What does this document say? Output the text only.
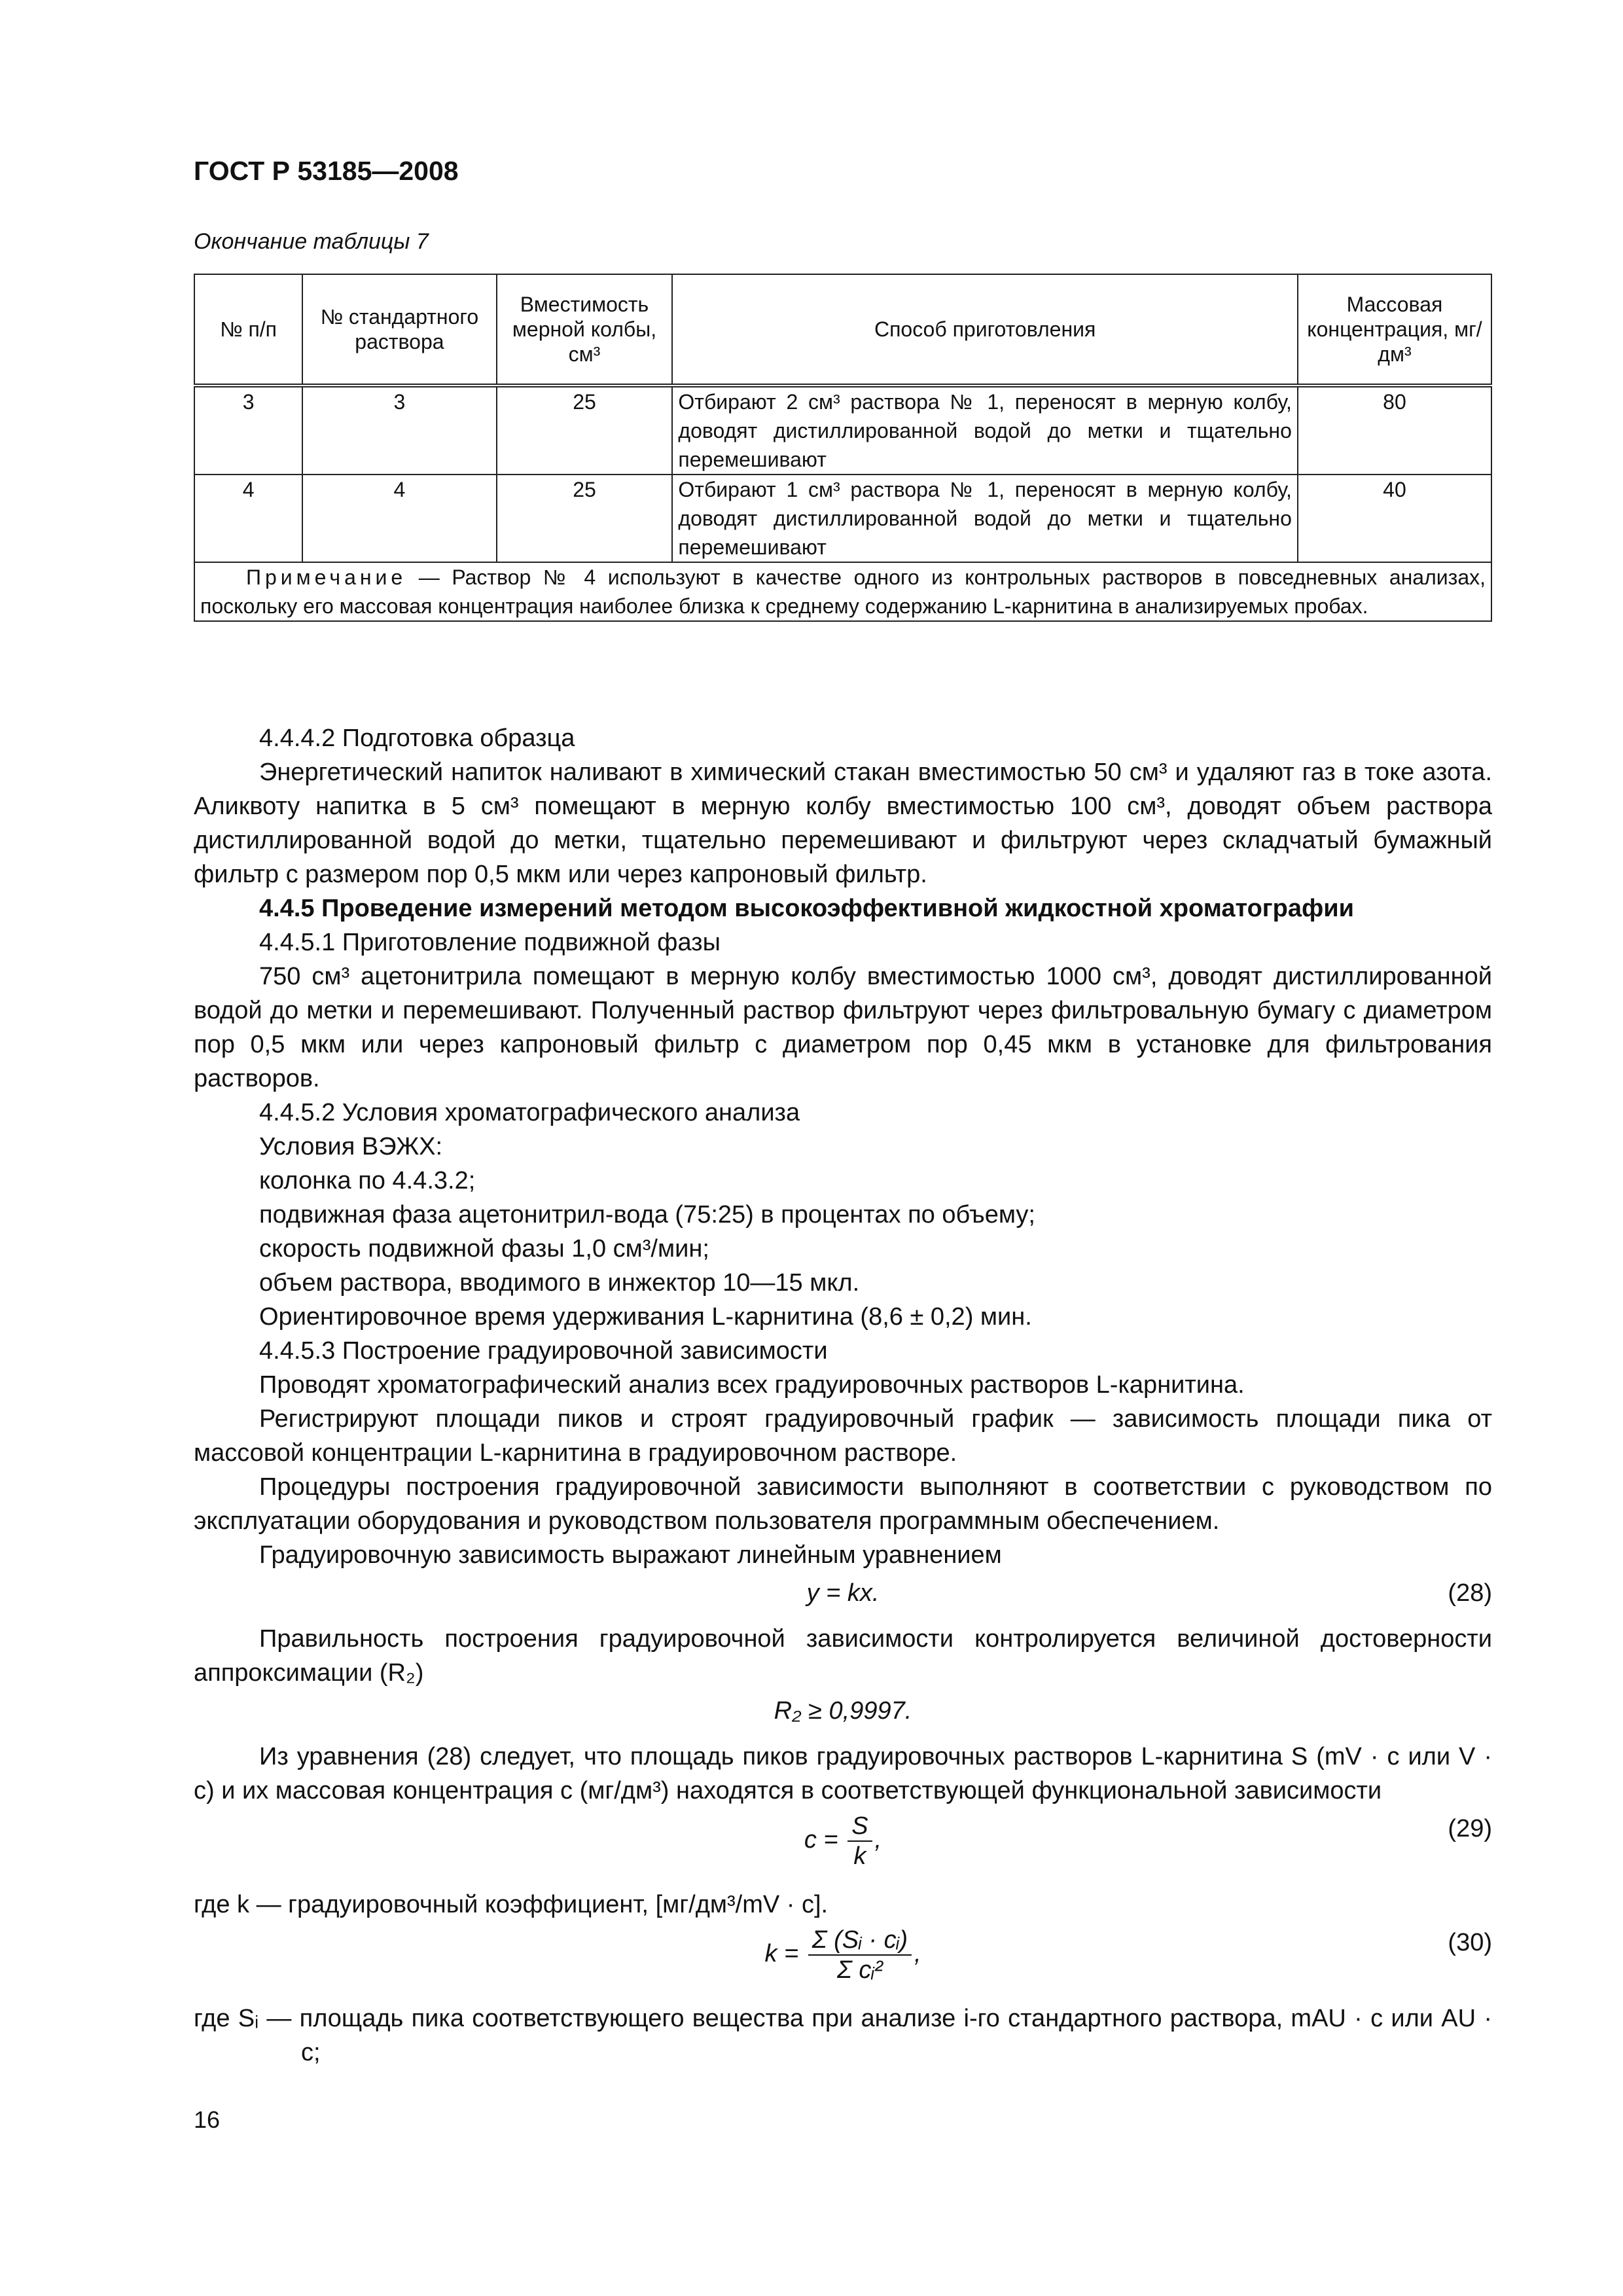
ГОСТ Р 53185—2008
Окончание таблицы 7
№ п/п	№ стандартного раствора	Вместимость мерной колбы, см³	Способ приготовления	Массовая концентрация, мг/дм³
3	3	25	Отбирают 2 см³ раствора № 1, переносят в мерную колбу, доводят дистиллированной водой до метки и тщательно перемешивают	80
4	4	25	Отбирают 1 см³ раствора № 1, переносят в мерную колбу, доводят дистиллированной водой до метки и тщательно перемешивают	40
Примечание — Раствор № 4 используют в качестве одного из контрольных растворов в повседневных анализах, поскольку его массовая концентрация наиболее близка к среднему содержанию L-карнитина в анализируемых пробах.				

4.4.4.2 Подготовка образца

Энергетический напиток наливают в химический стакан вместимостью 50 см³ и удаляют газ в токе азота. Аликвоту напитка в 5 см³ помещают в мерную колбу вместимостью 100 см³, доводят объем раствора дистиллированной водой до метки, тщательно перемешивают и фильтруют через складчатый бумажный фильтр с размером пор 0,5 мкм или через капроновый фильтр.

4.4.5 Проведение измерений методом высокоэффективной жидкостной хроматографии

4.4.5.1 Приготовление подвижной фазы

750 см³ ацетонитрила помещают в мерную колбу вместимостью 1000 см³, доводят дистиллированной водой до метки и перемешивают. Полученный раствор фильтруют через фильтровальную бумагу с диаметром пор 0,5 мкм или через капроновый фильтр с диаметром пор 0,45 мкм в установке для фильтрования растворов.

4.4.5.2 Условия хроматографического анализа

Условия ВЭЖХ:

колонка по 4.4.3.2;

подвижная фаза ацетонитрил-вода (75:25) в процентах по объему;

скорость подвижной фазы 1,0 см³/мин;

объем раствора, вводимого в инжектор 10—15 мкл.

Ориентировочное время удерживания L-карнитина (8,6 ± 0,2) мин.

4.4.5.3 Построение градуировочной зависимости

Проводят хроматографический анализ всех градуировочных растворов L-карнитина.

Регистрируют площади пиков и строят градуировочный график — зависимость площади пика от массовой концентрации L-карнитина в градуировочном растворе.

Процедуры построения градуировочной зависимости выполняют в соответствии с руководством по эксплуатации оборудования и руководством пользователя программным обеспечением.

Градуировочную зависимость выражают линейным уравнением

y = kx.	(28)

Правильность построения градуировочной зависимости контролируется величиной достоверности аппроксимации (R₂)

R₂ ≥ 0,9997.

Из уравнения (28) следует, что площадь пиков градуировочных растворов L-карнитина S (mV · с или V · с) и их массовая концентрация c (мг/дм³) находятся в соответствующей функциональной зависимости

$c = \frac{S}{k}$ ,	(29)

где k — градуировочный коэффициент, [мг/дм³/mV · с].

$k = \frac{\text{Σ (Sᵢ · cᵢ)}}{\text{Σ cᵢ²}}$ ,	(30)

где Sᵢ — площадь пика соответствующего вещества при анализе i-го стандартного раствора, mAU · с или AU · с;

16
